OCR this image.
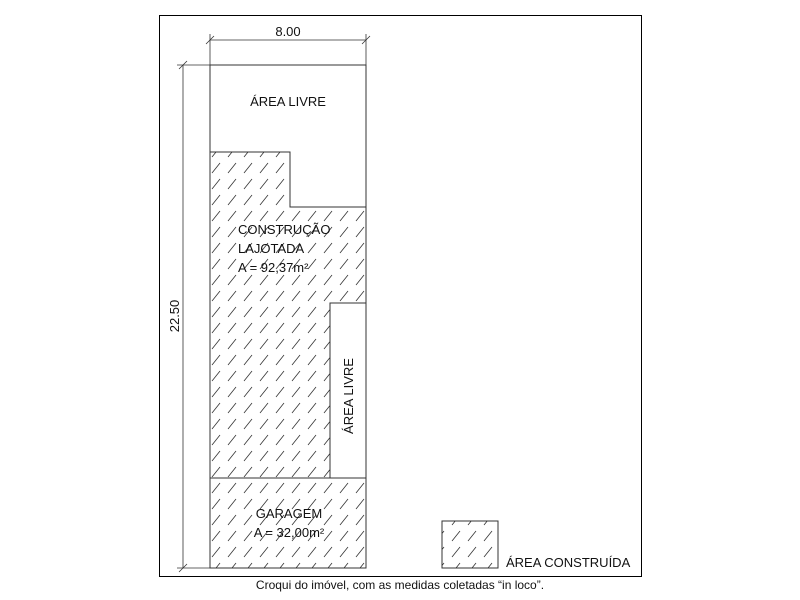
8.00
22.50
ÁREA LIVRE
CONSTRUÇÃO
LAJOTADA
A = 92,37m²
ÁREA LIVRE
GARAGEM
A = 32,00m²
ÁREA CONSTRUÍDA
Croqui do imóvel, com as medidas coletadas “in loco”.
